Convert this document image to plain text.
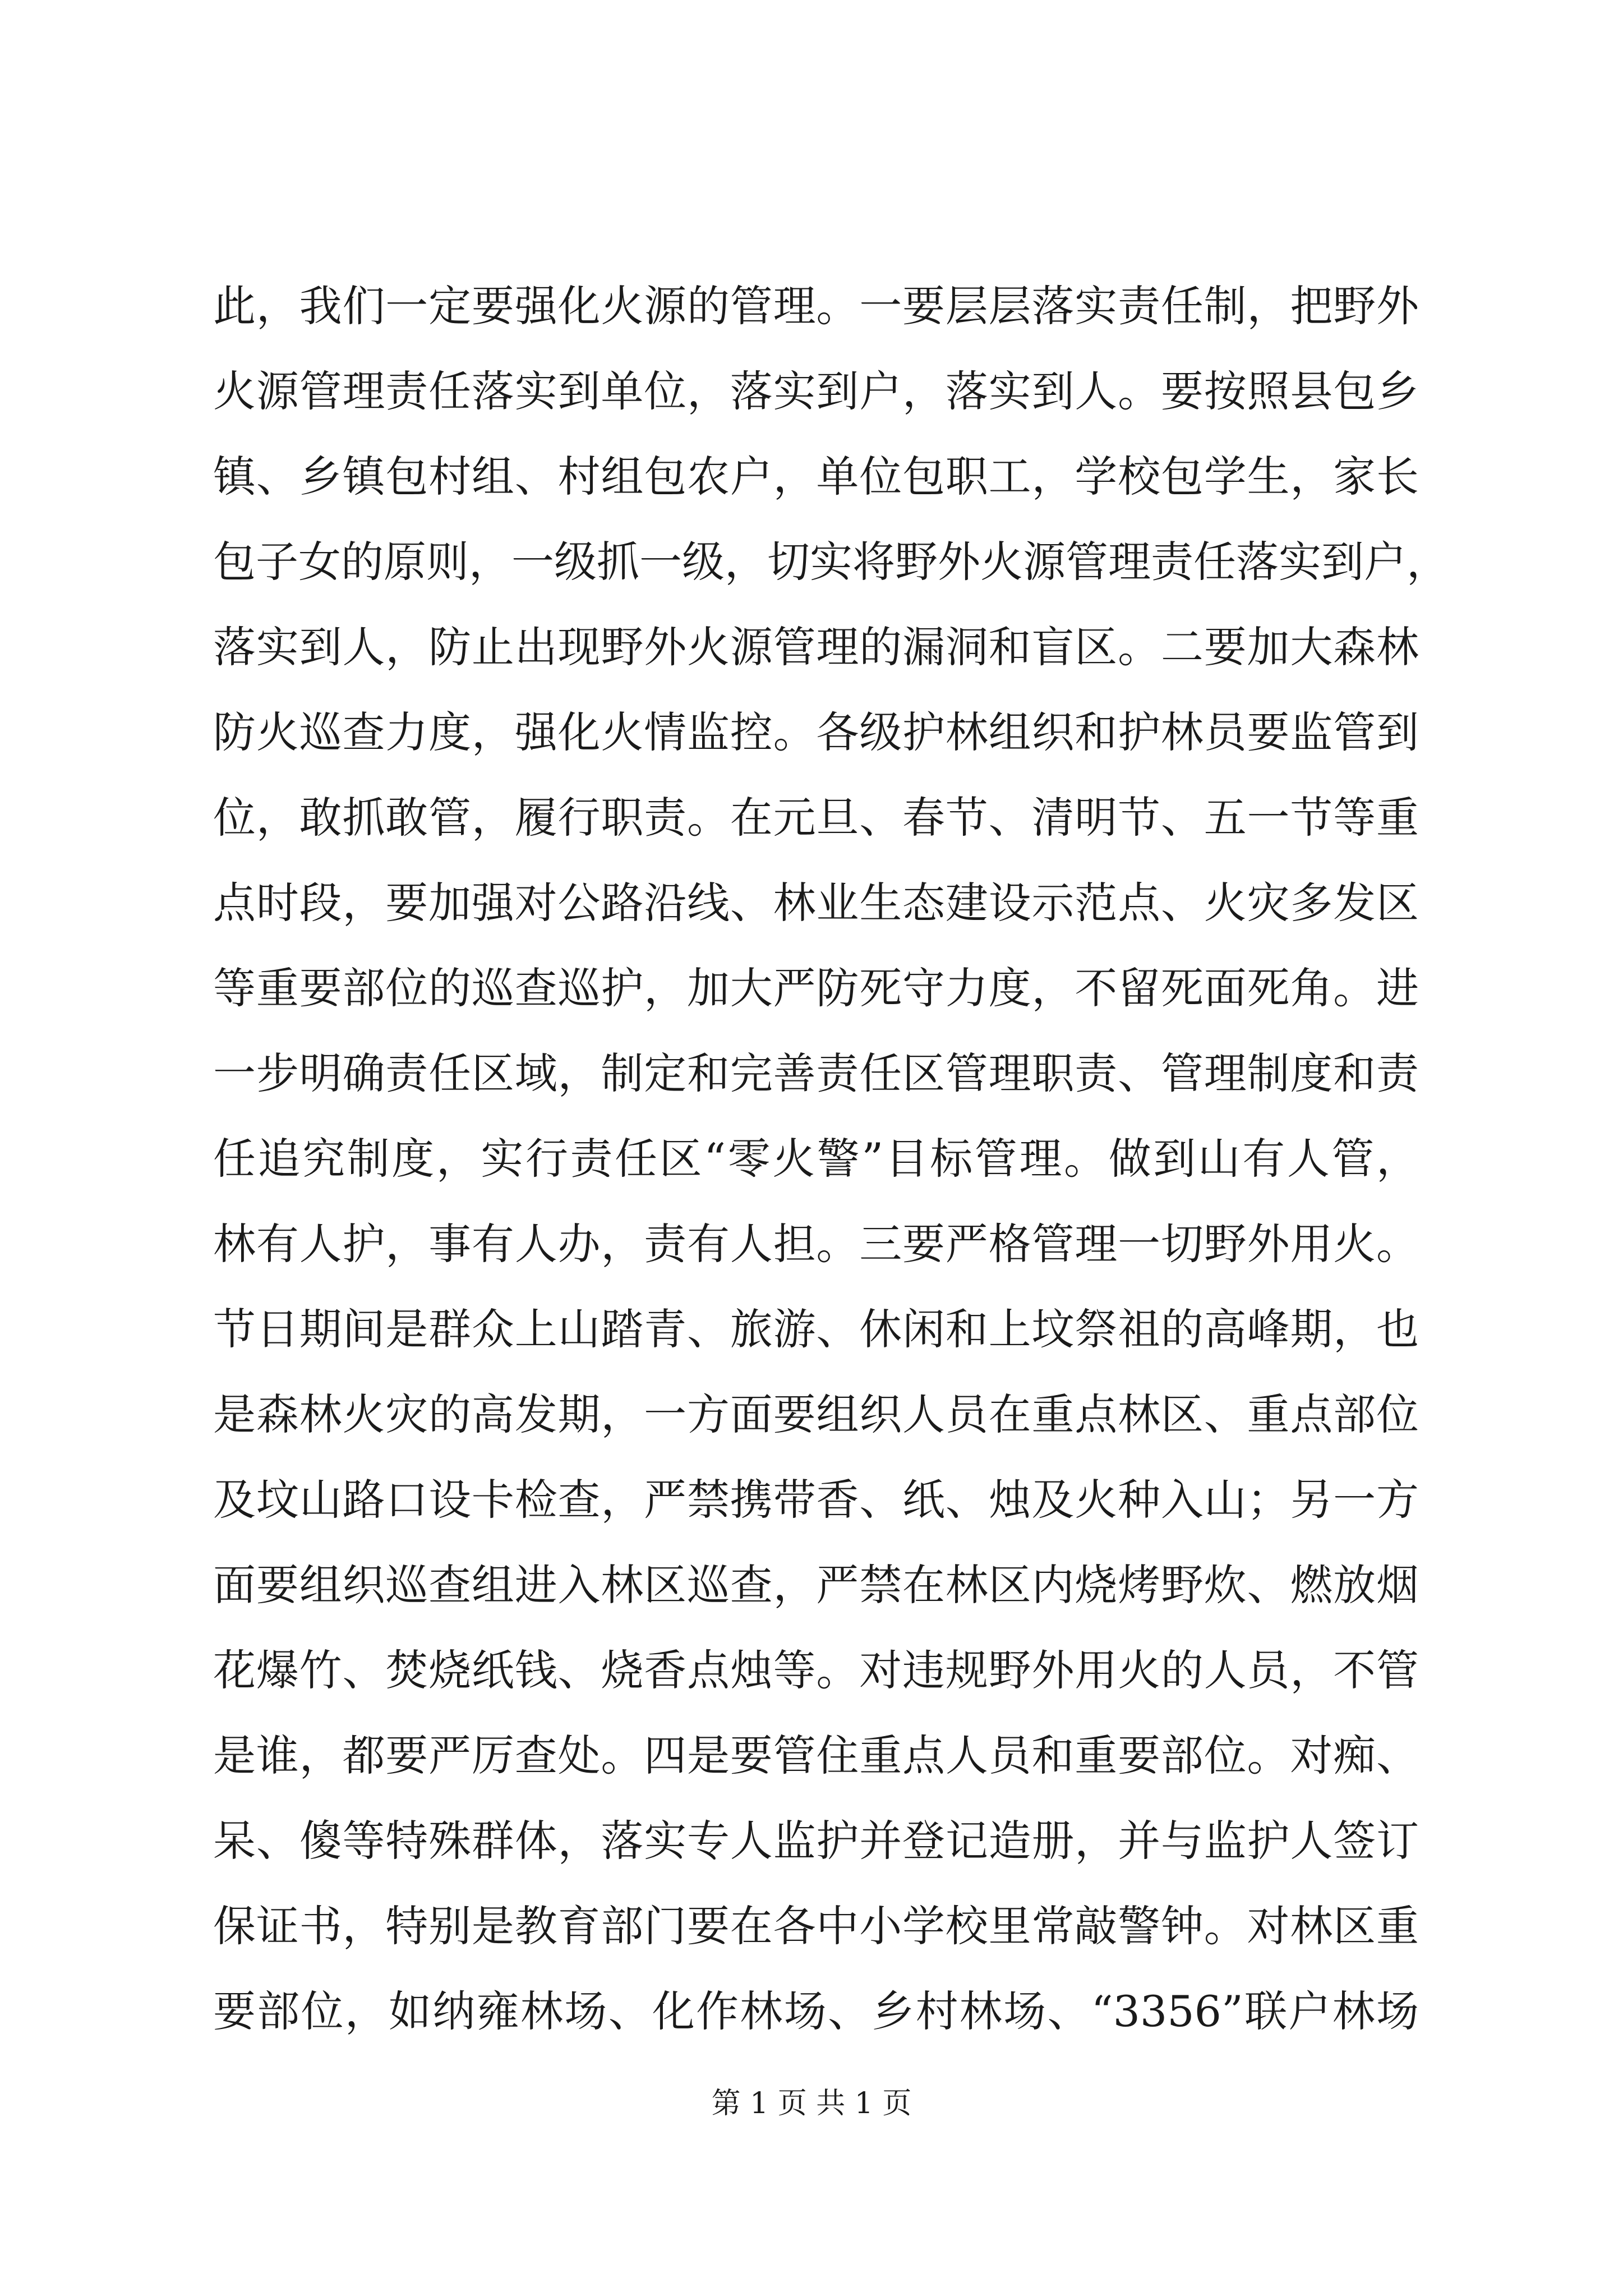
此，我们一定要强化火源的管理。一要层层落实责任制，把野外
火源管理责任落实到单位，落实到户，落实到人。要按照县包乡
镇、乡镇包村组、村组包农户，单位包职工，学校包学生，家长
包子女的原则，一级抓一级，切实将野外火源管理责任落实到户，
落实到人，防止出现野外火源管理的漏洞和盲区。二要加大森林
防火巡查力度，强化火情监控。各级护林组织和护林员要监管到
位，敢抓敢管，履行职责。在元旦、春节、清明节、五一节等重
点时段，要加强对公路沿线、林业生态建设示范点、火灾多发区
等重要部位的巡查巡护，加大严防死守力度，不留死面死角。进
一步明确责任区域，制定和完善责任区管理职责、管理制度和责
任追究制度，实行责任区“零火警”目标管理。做到山有人管，
林有人护，事有人办，责有人担。三要严格管理一切野外用火。
节日期间是群众上山踏青、旅游、休闲和上坟祭祖的高峰期，也
是森林火灾的高发期，一方面要组织人员在重点林区、重点部位
及坟山路口设卡检查，严禁携带香、纸、烛及火种入山；另一方
面要组织巡查组进入林区巡查，严禁在林区内烧烤野炊、燃放烟
花爆竹、焚烧纸钱、烧香点烛等。对违规野外用火的人员，不管
是谁，都要严厉查处。四是要管住重点人员和重要部位。对痴、
呆、傻等特殊群体，落实专人监护并登记造册，并与监护人签订
保证书，特别是教育部门要在各中小学校里常敲警钟。对林区重
要部位，如纳雍林场、化作林场、乡村林场、“3356”联户林场
第 1 页 共 1 页
